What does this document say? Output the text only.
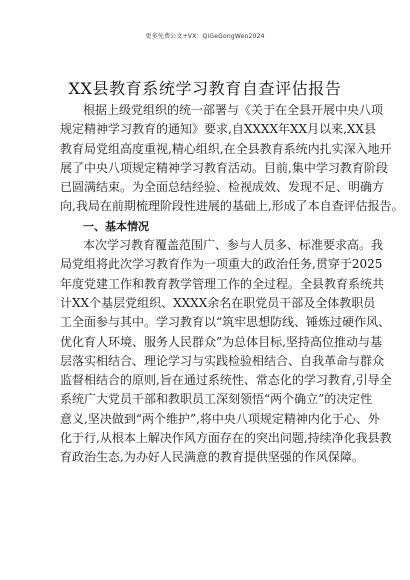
更多免费公文+VX：QiGeGongWen2024
XX县教育系统学习教育自查评估报告
根据上级党组织的统一部署与《关于在全县开展中央八项
规定精神学习教育的通知》要求,自XXXX年XX月以来,XX县
教育局党组高度重视,精心组织,在全县教育系统内扎实深入地开
展了中央八项规定精神学习教育活动。目前,集中学习教育阶段
已圆满结束。为全面总结经验、检视成效、发现不足、明确方
向,我局在前期梳理阶段性进展的基础上,形成了本自查评估报告。
一、基本情况
本次学习教育覆盖范围广、参与人员多、标准要求高。我
局党组将此次学习教育作为一项重大的政治任务,贯穿于2025
年度党建工作和教育教学管理工作的全过程。全县教育系统共
计XX个基层党组织、XXXX余名在职党员干部及全体教职员
工全面参与其中。学习教育以“筑牢思想防线、锤炼过硬作风、
优化育人环境、服务人民群众”为总体目标,坚持高位推动与基
层落实相结合、理论学习与实践检验相结合、自我革命与群众
监督相结合的原则,旨在通过系统性、常态化的学习教育,引导全
系统广大党员干部和教职员工深刻领悟“两个确立”的决定性
意义,坚决做到“两个维护”,将中央八项规定精神内化于心、外
化于行,从根本上解决作风方面存在的突出问题,持续净化我县教
育政治生态,为办好人民满意的教育提供坚强的作风保障。
